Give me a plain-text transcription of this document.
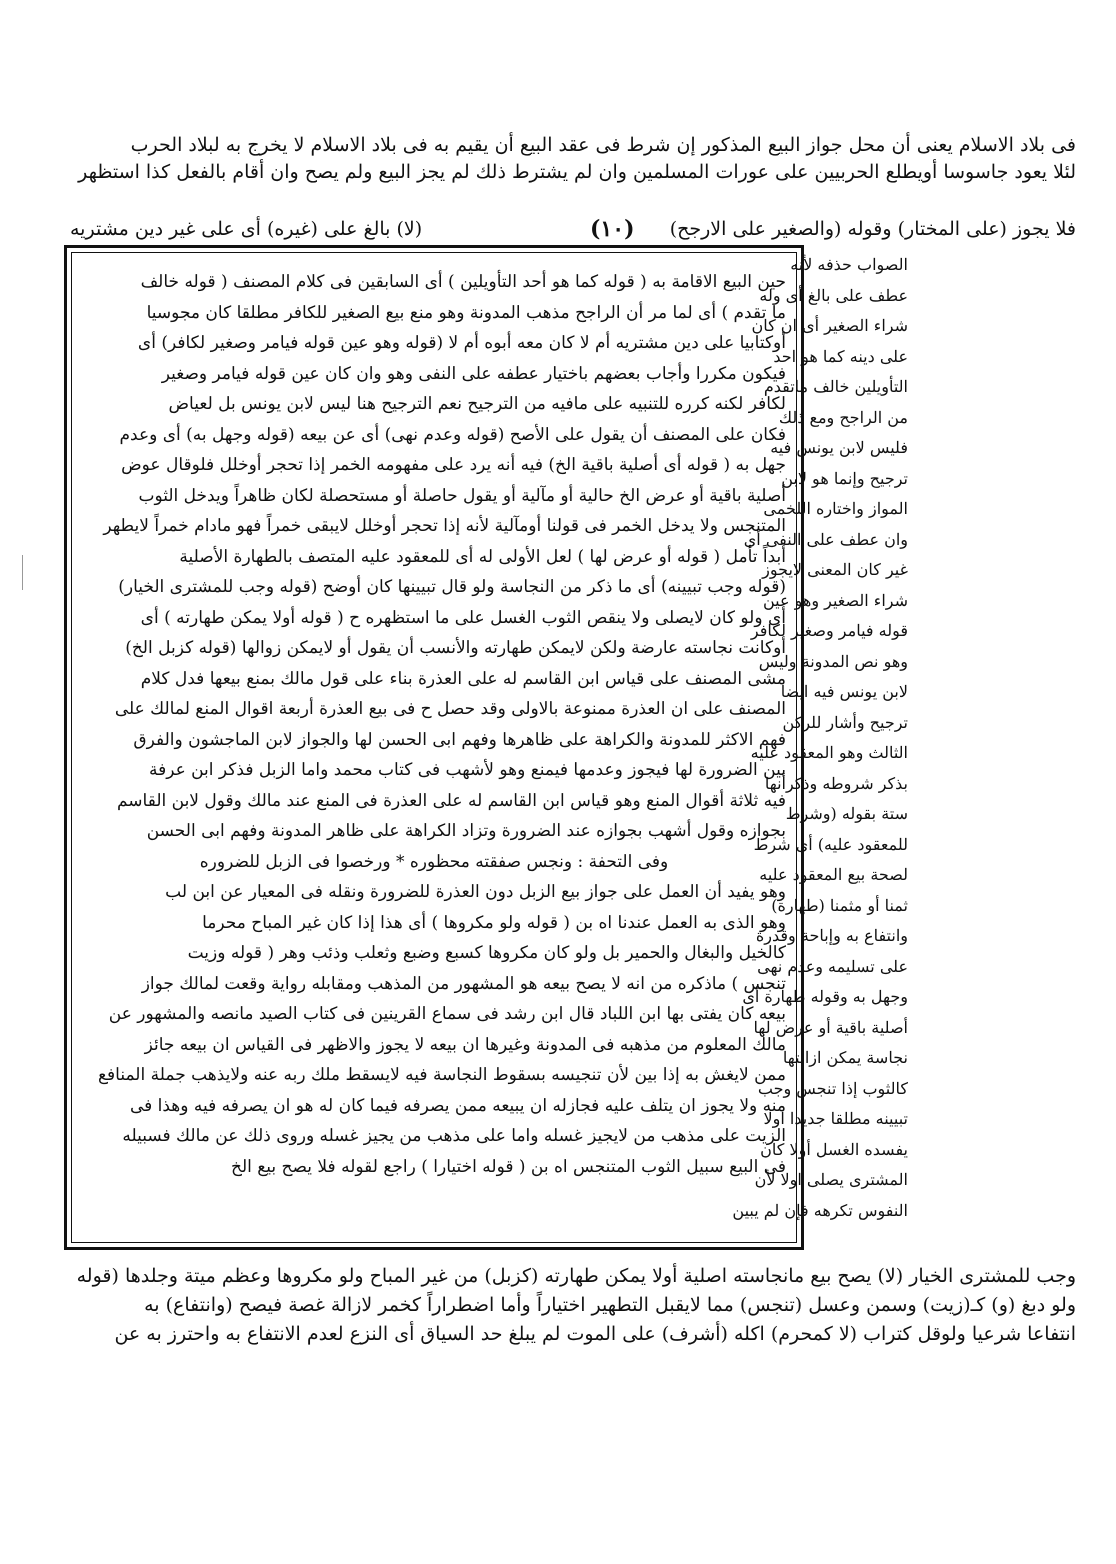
فى بلاد الاسلام يعنى أن محل جواز البيع المذكور إن شرط فى عقد البيع أن يقيم به فى بلاد الاسلام لا يخرج به لبلاد الحرب
لئلا يعود جاسوسا أويطلع الحربيين على عورات المسلمين وان لم يشترط ذلك لم يجز البيع ولم يصح وان أقام بالفعل كذا استظهر
(لا) بالغ على (غيره) أى على غير دين مشتريه	(١٠) فلا يجوز (على المختار) وقوله (والصغير على الارجح)
حين البيع الاقامة به ( قوله كما هو أحد التأويلين ) أى السابقين فى كلام المصنف ( قوله خالف
ما تقدم ) أى لما مر أن الراجح مذهب المدونة وهو منع بيع الصغير للكافر مطلقا كان مجوسيا
أوكتابيا على دين مشتريه أم لا كان معه أبوه أم لا (قوله وهو عين قوله فيامر وصغير لكافر) أى
فيكون مكررا وأجاب بعضهم باختيار عطفه على النفى وهو وان كان عين قوله فيامر وصغير
لكافر لكنه كرره للتنبيه على مافيه من الترجيح نعم الترجيح هنا ليس لابن يونس بل لعياض
فكان على المصنف أن يقول على الأصح (قوله وعدم نهى) أى عن بيعه (قوله وجهل به) أى وعدم
جهل به ( قوله أى أصلية باقية الخ) فيه أنه يرد على مفهومه الخمر إذا تحجر أوخلل فلوقال عوض
أصلية باقية أو عرض الخ حالية أو مآلية أو يقول حاصلة أو مستحصلة لكان ظاهراً ويدخل الثوب
المتنجس ولا يدخل الخمر فى قولنا أومآلية لأنه إذا تحجر أوخلل لايبقى خمراً فهو مادام خمراً لايطهر
أبداً تأمل ( قوله أو عرض لها ) لعل الأولى له أى للمعقود عليه المتصف بالطهارة الأصلية
(قوله وجب تبيينه) أى ما ذكر من النجاسة ولو قال تبيينها كان أوضح (قوله وجب للمشترى الخيار)
أى ولو كان لايصلى ولا ينقص الثوب الغسل على ما استظهره ح ( قوله أولا يمكن طهارته ) أى
أوكانت نجاسته عارضة ولكن لايمكن طهارته والأنسب أن يقول أو لايمكن زوالها (قوله كزبل الخ)
مشى المصنف على قياس ابن القاسم له على العذرة بناء على قول مالك بمنع بيعها فدل كلام
المصنف على ان العذرة ممنوعة بالاولى وقد حصل ح فى بيع العذرة أربعة اقوال المنع لمالك على
فهم الاكثر للمدونة والكراهة على ظاهرها وفهم ابى الحسن لها والجواز لابن الماجشون والفرق
بين الضرورة لها فيجوز وعدمها فيمنع وهو لأشهب فى كتاب محمد واما الزبل فذكر ابن عرفة
فيه ثلاثة أقوال المنع وهو قياس ابن القاسم له على العذرة فى المنع عند مالك وقول لابن القاسم
بجوازه وقول أشهب بجوازه عند الضرورة وتزاد الكراهة على ظاهر المدونة وفهم ابى الحسن
وفى التحفة : ونجس صفقته محظوره * ورخصوا فى الزبل للضروره
وهو يفيد أن العمل على جواز بيع الزبل دون العذرة للضرورة ونقله فى المعيار عن ابن لب
وهو الذى به العمل عندنا اه بن ( قوله ولو مكروها ) أى هذا إذا كان غير المباح محرما
كالخيل والبغال والحمير بل ولو كان مكروها كسبع وضبع وثعلب وذئب وهر ( قوله وزيت
تنجس ) ماذكره من انه لا يصح بيعه هو المشهور من المذهب ومقابله رواية وقعت لمالك جواز
بيعه كان يفتى بها ابن اللباد قال ابن رشد فى سماع القرينين فى كتاب الصيد مانصه والمشهور عن
مالك المعلوم من مذهبه فى المدونة وغيرها ان بيعه لا يجوز والاظهر فى القياس ان بيعه جائز
ممن لايغش به إذا بين لأن تنجيسه بسقوط النجاسة فيه لايسقط ملك ربه عنه ولايذهب جملة المنافع
منه ولا يجوز ان يتلف عليه فجازله ان يبيعه ممن يصرفه فيما كان له هو ان يصرفه فيه وهذا فى
الزيت على مذهب من لايجيز غسله واما على مذهب من يجيز غسله وروى ذلك عن مالك فسبيله
فى البيع سبيل الثوب المتنجس اه بن ( قوله اختيارا ) راجع لقوله فلا يصح بيع الخ
الصواب حذفه لأنه
عطف على بالغ أى وله
شراء الصغير أى ان كان
على دينه كما هو احد
التأويلين خالف ماتقدم
من الراجح ومع ذلك
فليس لابن يونس فيه
ترجيح وإنما هو لابن
المواز واختاره اللخمى
وان عطف على النفى أى
غير كان المعنى لايجوز
شراء الصغير وهو عين
قوله فيامر وصغير لكافر
وهو نص المدونة وليس
لابن يونس فيه ايضا
ترجيح وأشار للركن
الثالث وهو المعقود عليه
بذكر شروطه وذكرأنها
ستة بقوله (وشرط
للمعقود عليه) أى شرط
لصحة بيع المعقود عليه
ثمنا أو مثمنا (طهارة)
وانتفاع به وإباحة وقدرة
على تسليمه وعدم نهى
وجهل به وقوله طهارة أى
أصلية باقية أو عرض لها
نجاسة يمكن ازالتها
كالثوب إذا تنجس وجب
تبيينه مطلقا جديدا اولا
يفسده الغسل أولا كان
المشترى يصلى اولا لأن
النفوس تكرهه فإن لم يبين
وجب للمشترى الخيار (لا) يصح بيع مانجاسته اصلية أولا يمكن طهارته (كزبل) من غير المباح ولو مكروها وعظم ميتة وجلدها (قوله
ولو دبغ (و) كـ(زيت) وسمن وعسل (تنجس) مما لايقبل التطهير اختياراً وأما اضطراراً كخمر لازالة غصة فيصح (وانتفاع) به
انتفاعا شرعيا ولوقل كتراب (لا كمحرم) اكله (أشرف) على الموت لم يبلغ حد السياق أى النزع لعدم الانتفاع به واحترز به عن
